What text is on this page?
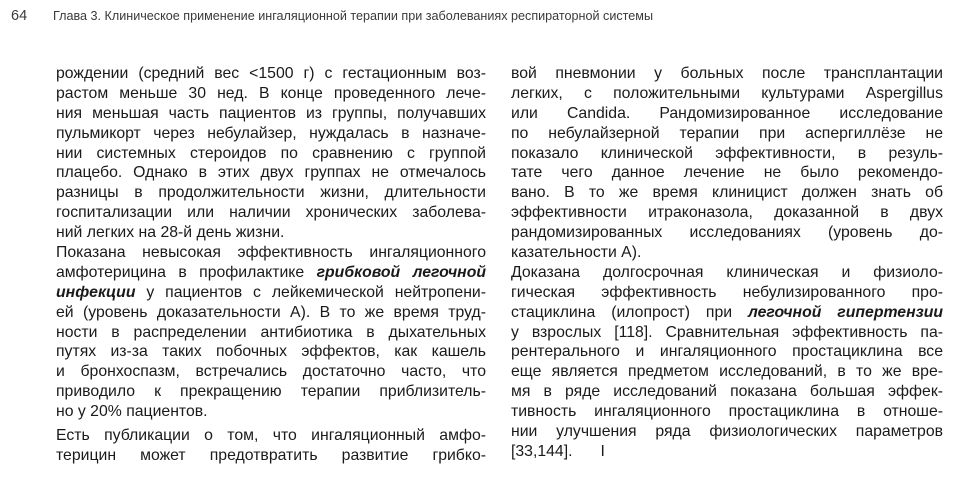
64 Глава 3. Клиническое применение ингаляционной терапии при заболеваниях респираторной системы
рождении (средний вес <1500 г) с гестационным воз-
растом меньше 30 нед. В конце проведенного лече-
ния меньшая часть пациентов из группы, получавших
пульмикорт через небулайзер, нуждалась в назначе-
нии системных стероидов по сравнению с группой
плацебо. Однако в этих двух группах не отмечалось
разницы в продолжительности жизни, длительности
госпитализации или наличии хронических заболева-
ний легких на 28-й день жизни.
Показана невысокая эффективность ингаляционного
амфотерицина в профилактике грибковой легочной
инфекции у пациентов с лейкемической нейтропени-
ей (уровень доказательности A). В то же время труд-
ности в распределении антибиотика в дыхательных
путях из-за таких побочных эффектов, как кашель
и бронхоспазм, встречались достаточно часто, что
приводило к прекращению терапии приблизитель-
но у 20% пациентов.
Есть публикации о том, что ингаляционный амфо-
терицин может предотвратить развитие грибко-
вой пневмонии у больных после трансплантации
легких, с положительными культурами Aspergillus
или Candida. Рандомизированное исследование
по небулайзерной терапии при аспергиллёзе не
показало клинической эффективности, в резуль-
тате чего данное лечение не было рекомендо-
вано. В то же время клиницист должен знать об
эффективности итраконазола, доказанной в двух
рандомизированных исследованиях (уровень до-
казательности A).
Доказана долгосрочная клиническая и физиоло-
гическая эффективность небулизированного про-
стациклина (илопрост) при легочной гипертензии
у взрослых [118]. Сравнительная эффективность па-
рентерального и ингаляционного простациклина все
еще является предметом исследований, в то же вре-
мя в ряде исследований показана большая эффек-
тивность ингаляционного простациклина в отноше-
нии улучшения ряда физиологических параметров
[33,144]. I
